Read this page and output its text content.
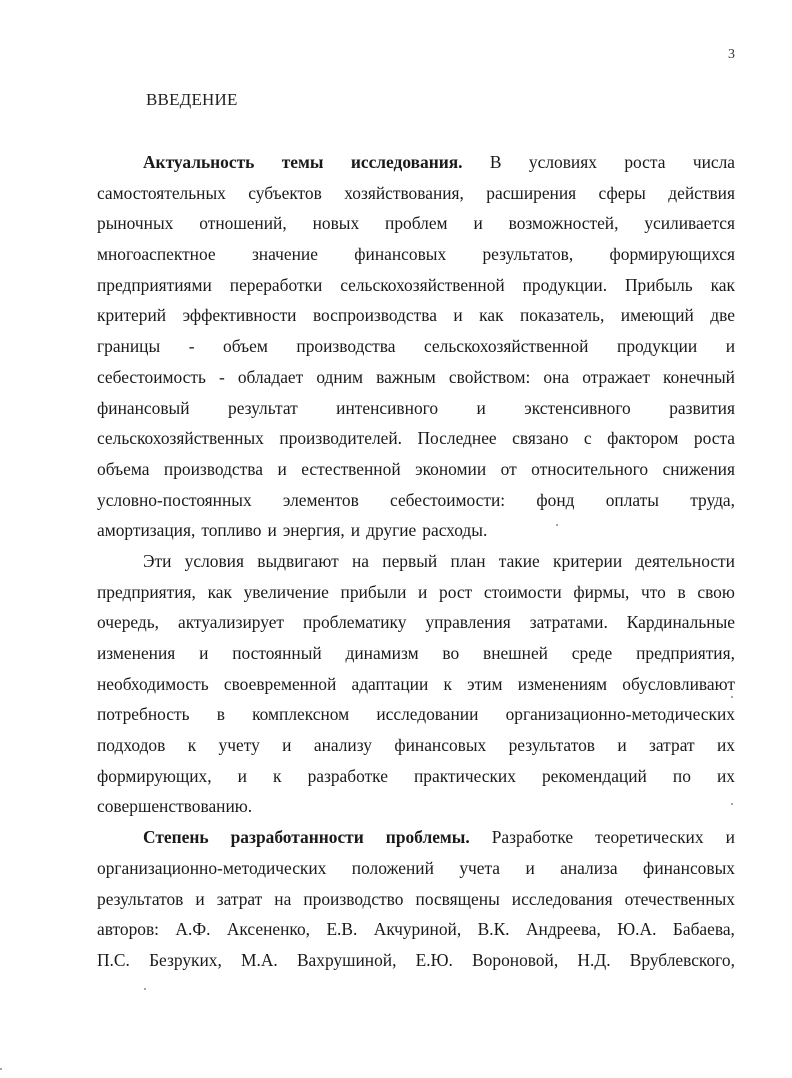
3
ВВЕДЕНИЕ
Актуальность темы исследования. В условиях роста числа
самостоятельных субъектов хозяйствования, расширения сферы действия
рыночных отношений, новых проблем и возможностей, усиливается
многоаспектное значение финансовых результатов, формирующихся
предприятиями переработки сельскохозяйственной продукции. Прибыль как
критерий эффективности воспроизводства и как показатель, имеющий две
границы - объем производства сельскохозяйственной продукции и
себестоимость - обладает одним важным свойством: она отражает конечный
финансовый результат интенсивного и экстенсивного развития
сельскохозяйственных производителей. Последнее связано с фактором роста
объема производства и естественной экономии от относительного снижения
условно-постоянных элементов себестоимости: фонд оплаты труда,
амортизация, топливо и энергия, и другие расходы.
Эти условия выдвигают на первый план такие критерии деятельности
предприятия, как увеличение прибыли и рост стоимости фирмы, что в свою
очередь, актуализирует проблематику управления затратами. Кардинальные
изменения и постоянный динамизм во внешней среде предприятия,
необходимость своевременной адаптации к этим изменениям обусловливают
потребность в комплексном исследовании организационно-методических
подходов к учету и анализу финансовых результатов и затрат их
формирующих, и к разработке практических рекомендаций по их
совершенствованию.
Степень разработанности проблемы. Разработке теоретических и
организационно-методических положений учета и анализа финансовых
результатов и затрат на производство посвящены исследования отечественных
авторов: А.Ф. Аксененко, Е.В. Акчуриной, В.К. Андреева, Ю.А. Бабаева,
П.С. Безруких, М.А. Вахрушиной, Е.Ю. Вороновой, Н.Д. Врублевского,
